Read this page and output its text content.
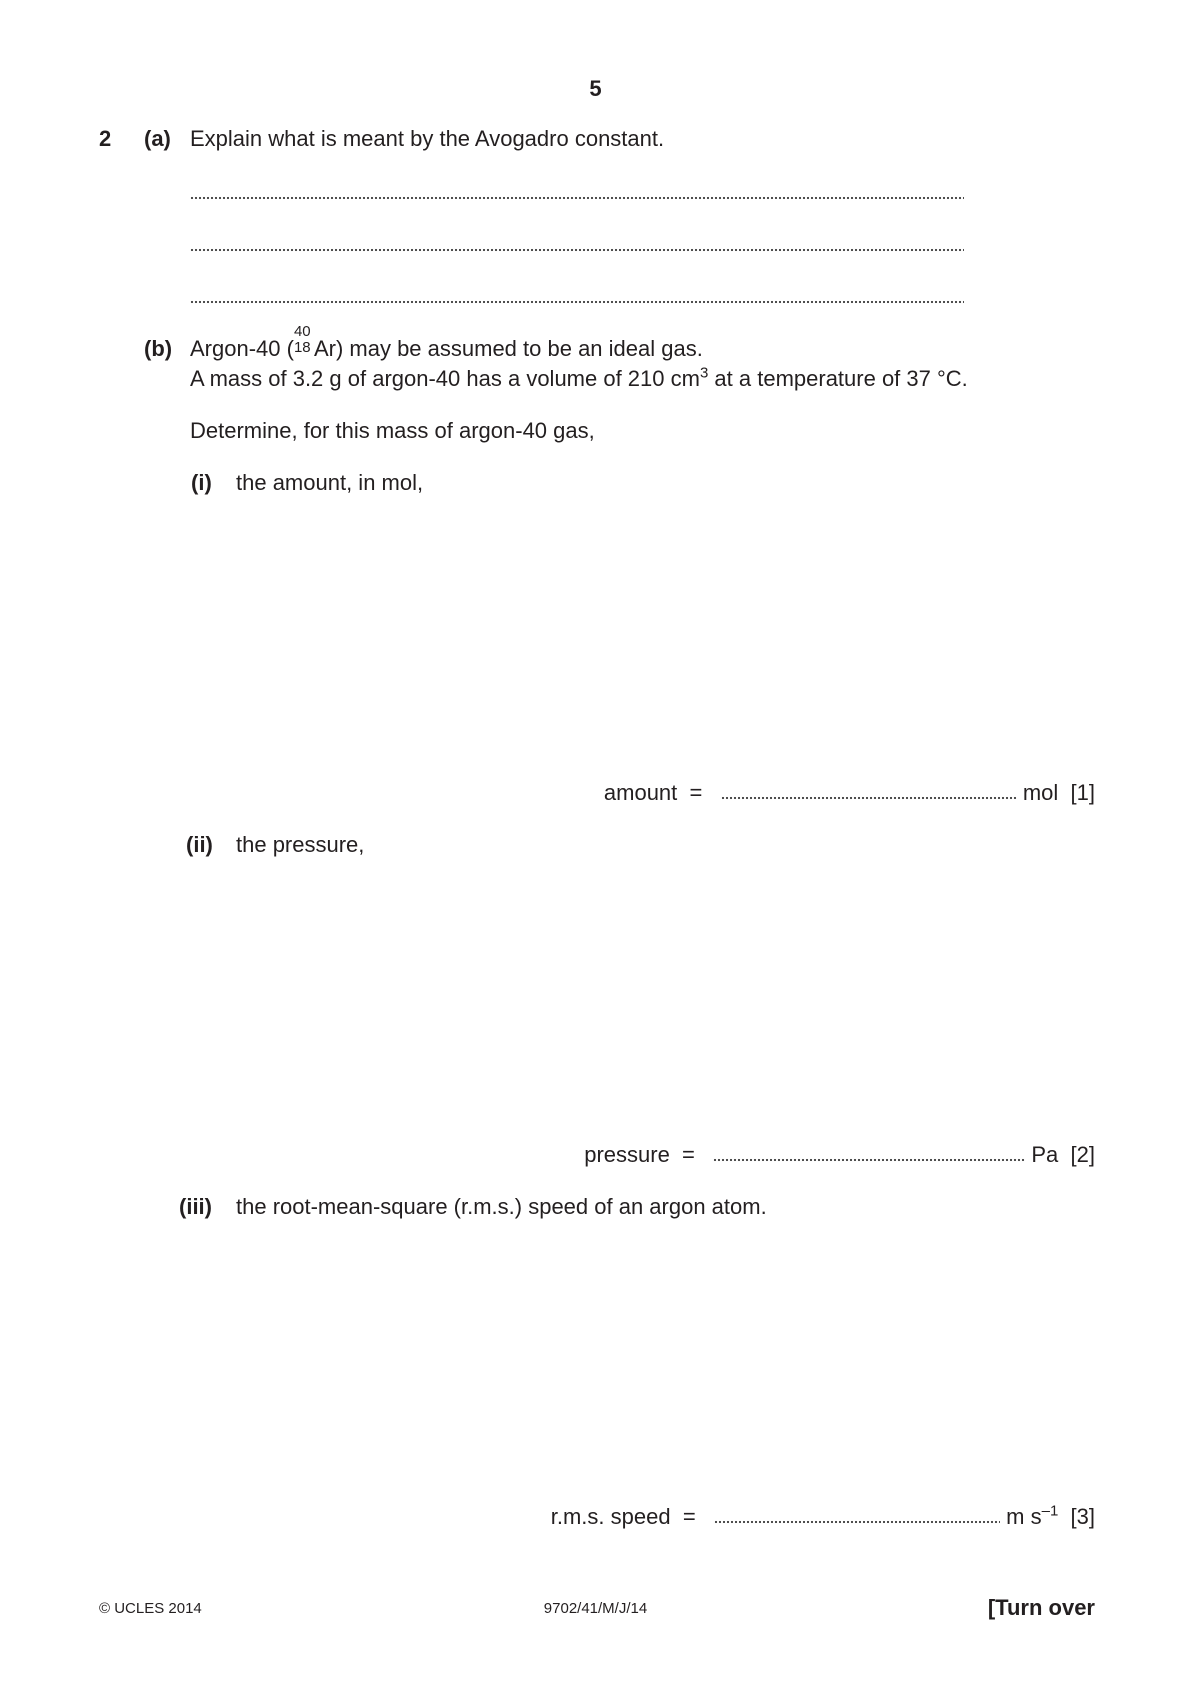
5
2 (a) Explain what is meant by the Avogadro constant.
(b) Argon-40 (
40
18 Ar) may be assumed to be an ideal gas.
A mass of 3.2 g of argon-40 has a volume of 210 $cm^3$ at a temperature of 37 °C.
Determine, for this mass of argon-40 gas,
(i) the amount, in mol,
amount =	mol [1]
(ii) the pressure,
pressure =	Pa [2]
(iii) the root-mean-square (r.m.s.) speed of an argon atom.
r.m.s. speed =	m $s^{-1}$ [3]
© UCLES 2014	9702/41/M/J/14	[Turn over
